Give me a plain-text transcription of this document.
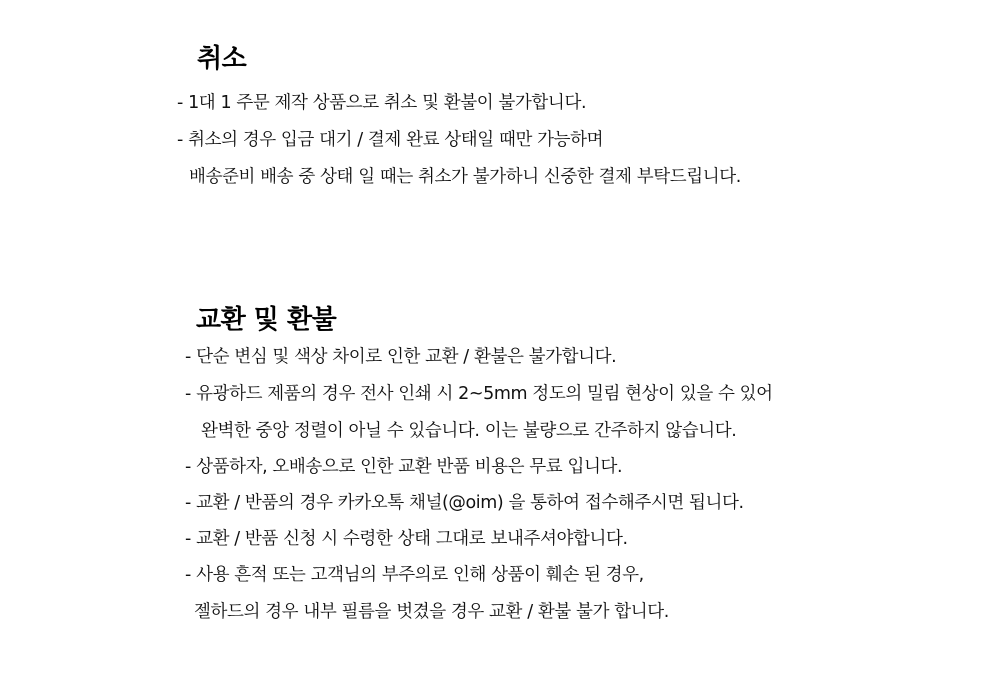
취소
- 1대 1 주문 제작 상품으로 취소 및 환불이 불가합니다.
- 취소의 경우 입금 대기 / 결제 완료 상태일 때만 가능하며
배송준비 배송 중 상태 일 때는 취소가 불가하니 신중한 결제 부탁드립니다.
교환 및 환불
- 단순 변심 및 색상 차이로 인한 교환 / 환불은 불가합니다.
- 유광하드 제품의 경우 전사 인쇄 시 2~5mm 정도의 밀림 현상이 있을 수 있어
완벽한 중앙 정렬이 아닐 수 있습니다. 이는 불량으로 간주하지 않습니다.
- 상품하자, 오배송으로 인한 교환 반품 비용은 무료 입니다.
- 교환 / 반품의 경우 카카오톡 채널(@oim) 을 통하여 접수해주시면 됩니다.
- 교환 / 반품 신청 시 수령한 상태 그대로 보내주셔야합니다.
- 사용 흔적 또는 고객님의 부주의로 인해 상품이 훼손 된 경우,
젤하드의 경우 내부 필름을 벗겼을 경우 교환 / 환불 불가 합니다.
